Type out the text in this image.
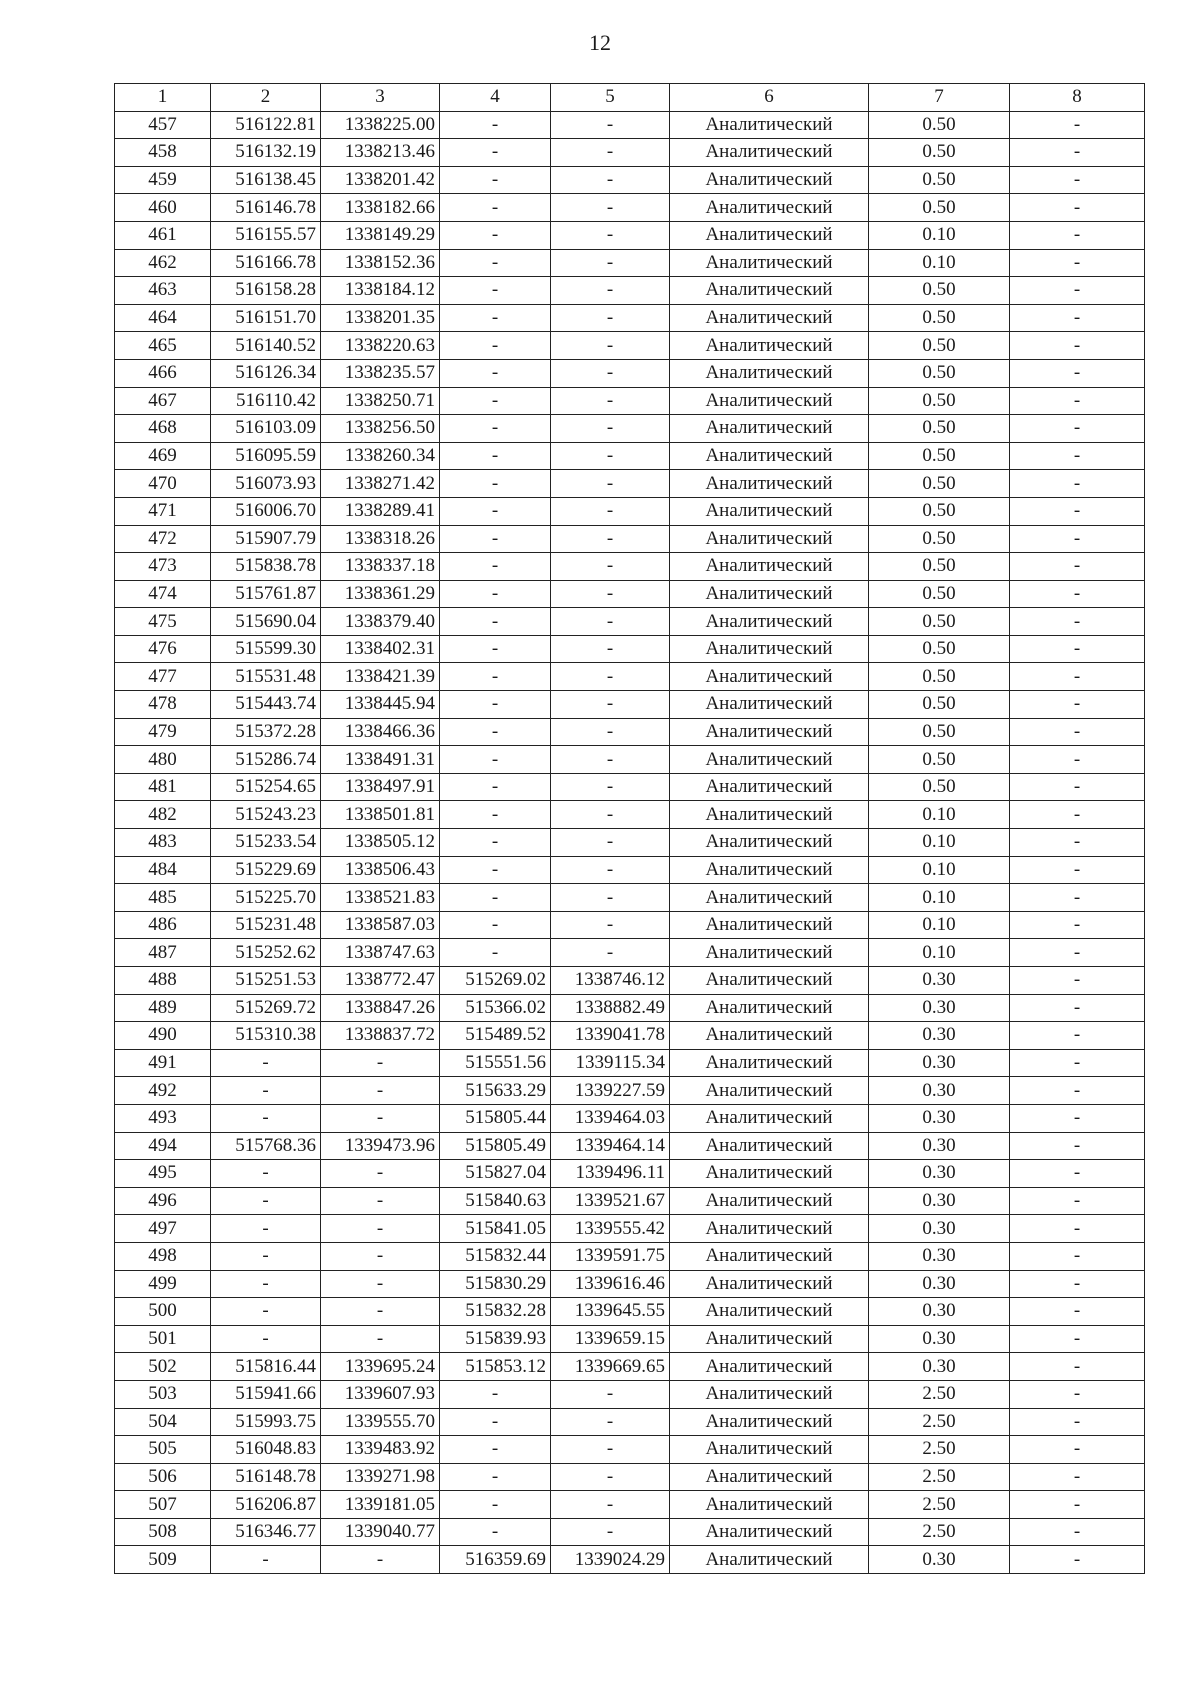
12
1	2	3	4	5	6	7	8
457	516122.81	1338225.00	-	-	Аналитический	0.50	-
458	516132.19	1338213.46	-	-	Аналитический	0.50	-
459	516138.45	1338201.42	-	-	Аналитический	0.50	-
460	516146.78	1338182.66	-	-	Аналитический	0.50	-
461	516155.57	1338149.29	-	-	Аналитический	0.10	-
462	516166.78	1338152.36	-	-	Аналитический	0.10	-
463	516158.28	1338184.12	-	-	Аналитический	0.50	-
464	516151.70	1338201.35	-	-	Аналитический	0.50	-
465	516140.52	1338220.63	-	-	Аналитический	0.50	-
466	516126.34	1338235.57	-	-	Аналитический	0.50	-
467	516110.42	1338250.71	-	-	Аналитический	0.50	-
468	516103.09	1338256.50	-	-	Аналитический	0.50	-
469	516095.59	1338260.34	-	-	Аналитический	0.50	-
470	516073.93	1338271.42	-	-	Аналитический	0.50	-
471	516006.70	1338289.41	-	-	Аналитический	0.50	-
472	515907.79	1338318.26	-	-	Аналитический	0.50	-
473	515838.78	1338337.18	-	-	Аналитический	0.50	-
474	515761.87	1338361.29	-	-	Аналитический	0.50	-
475	515690.04	1338379.40	-	-	Аналитический	0.50	-
476	515599.30	1338402.31	-	-	Аналитический	0.50	-
477	515531.48	1338421.39	-	-	Аналитический	0.50	-
478	515443.74	1338445.94	-	-	Аналитический	0.50	-
479	515372.28	1338466.36	-	-	Аналитический	0.50	-
480	515286.74	1338491.31	-	-	Аналитический	0.50	-
481	515254.65	1338497.91	-	-	Аналитический	0.50	-
482	515243.23	1338501.81	-	-	Аналитический	0.10	-
483	515233.54	1338505.12	-	-	Аналитический	0.10	-
484	515229.69	1338506.43	-	-	Аналитический	0.10	-
485	515225.70	1338521.83	-	-	Аналитический	0.10	-
486	515231.48	1338587.03	-	-	Аналитический	0.10	-
487	515252.62	1338747.63	-	-	Аналитический	0.10	-
488	515251.53	1338772.47	515269.02	1338746.12	Аналитический	0.30	-
489	515269.72	1338847.26	515366.02	1338882.49	Аналитический	0.30	-
490	515310.38	1338837.72	515489.52	1339041.78	Аналитический	0.30	-
491	-	-	515551.56	1339115.34	Аналитический	0.30	-
492	-	-	515633.29	1339227.59	Аналитический	0.30	-
493	-	-	515805.44	1339464.03	Аналитический	0.30	-
494	515768.36	1339473.96	515805.49	1339464.14	Аналитический	0.30	-
495	-	-	515827.04	1339496.11	Аналитический	0.30	-
496	-	-	515840.63	1339521.67	Аналитический	0.30	-
497	-	-	515841.05	1339555.42	Аналитический	0.30	-
498	-	-	515832.44	1339591.75	Аналитический	0.30	-
499	-	-	515830.29	1339616.46	Аналитический	0.30	-
500	-	-	515832.28	1339645.55	Аналитический	0.30	-
501	-	-	515839.93	1339659.15	Аналитический	0.30	-
502	515816.44	1339695.24	515853.12	1339669.65	Аналитический	0.30	-
503	515941.66	1339607.93	-	-	Аналитический	2.50	-
504	515993.75	1339555.70	-	-	Аналитический	2.50	-
505	516048.83	1339483.92	-	-	Аналитический	2.50	-
506	516148.78	1339271.98	-	-	Аналитический	2.50	-
507	516206.87	1339181.05	-	-	Аналитический	2.50	-
508	516346.77	1339040.77	-	-	Аналитический	2.50	-
509	-	-	516359.69	1339024.29	Аналитический	0.30	-
